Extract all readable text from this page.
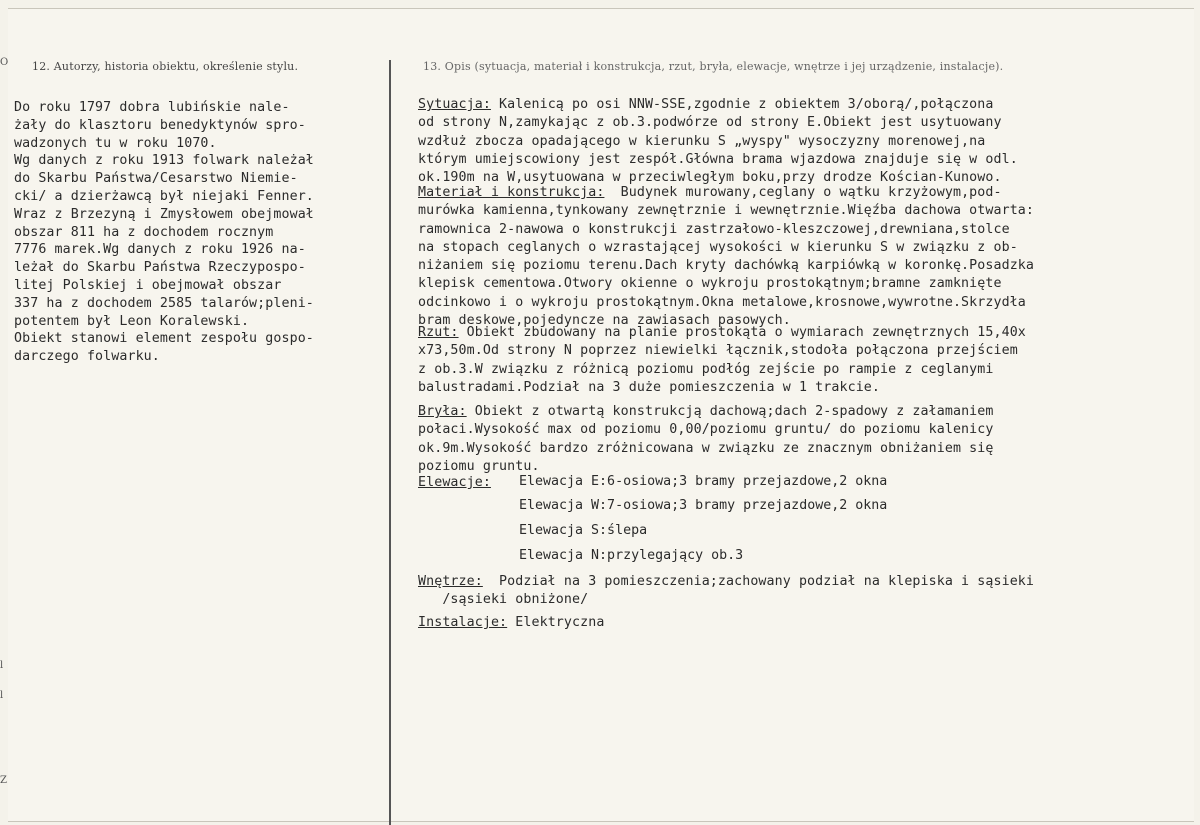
O
l
l
Z
12. Autorzy, historia obiektu, określenie stylu.	13. Opis (sytuacja, materiał i konstrukcja, rzut, bryła, elewacje, wnętrze i jej urządzenie, instalacje).
Do roku 1797 dobra lubińskie nale-
żały do klasztoru benedyktynów spro-
wadzonych tu w roku 1070.
Wg danych z roku 1913 folwark należał
do Skarbu Państwa/Cesarstwo Niemie-
cki/ a dzierżawcą był niejaki Fenner.
Wraz z Brzezyną i Zmysłowem obejmował
obszar 811 ha z dochodem rocznym
7776 marek.Wg danych z roku 1926 na-
leżał do Skarbu Państwa Rzeczypospo-
litej Polskiej i obejmował obszar
337 ha z dochodem 2585 talarów;pleni-
potentem był Leon Koralewski.
Obiekt stanowi element zespołu gospo-
darczego folwarku.
Sytuacja: Kalenicą po osi NNW-SSE,zgodnie z obiektem 3/oborą/,połączona
od strony N,zamykając z ob.3.podwórze od strony E.Obiekt jest usytuowany
wzdłuż zbocza opadającego w kierunku S „wyspy" wysoczyzny morenowej,na
którym umiejscowiony jest zespół.Główna brama wjazdowa znajduje się w odl.
ok.190m na W,usytuowana w przeciwległym boku,przy drodze Kościan-Kunowo.
Materiał i konstrukcja:  Budynek murowany,ceglany o wątku krzyżowym,pod-
murówka kamienna,tynkowany zewnętrznie i wewnętrznie.Więźba dachowa otwarta:
ramownica 2-nawowa o konstrukcji zastrzałowo-kleszczowej,drewniana,stolce
na stopach ceglanych o wzrastającej wysokości w kierunku S w związku z ob-
niżaniem się poziomu terenu.Dach kryty dachówką karpiówką w koronkę.Posadzka
klepisk cementowa.Otwory okienne o wykroju prostokątnym;bramne zamknięte
odcinkowo i o wykroju prostokątnym.Okna metalowe,krosnowe,wywrotne.Skrzydła
bram deskowe,pojedyncze na zawiasach pasowych.
Rzut: Obiekt zbudowany na planie prostokąta o wymiarach zewnętrznych 15,40x
x73,50m.Od strony N poprzez niewielki łącznik,stodoła połączona przejściem
z ob.3.W związku z różnicą poziomu podłóg zejście po rampie z ceglanymi
balustradami.Podział na 3 duże pomieszczenia w 1 trakcie.
Bryła: Obiekt z otwartą konstrukcją dachową;dach 2-spadowy z załamaniem
połaci.Wysokość max od poziomu 0,00/poziomu gruntu/ do poziomu kalenicy
ok.9m.Wysokość bardzo zróżnicowana w związku ze znacznym obniżaniem się
poziomu gruntu.
Elewacje:	Elewacja E:6-osiowa;3 bramy przejazdowe,2 okna
Elewacja W:7-osiowa;3 bramy przejazdowe,2 okna
Elewacja S:ślepa
Elewacja N:przylegający ob.3
Wnętrze:  Podział na 3 pomieszczenia;zachowany podział na klepiska i sąsieki
/sąsieki obniżone/
Instalacje: Elektryczna
